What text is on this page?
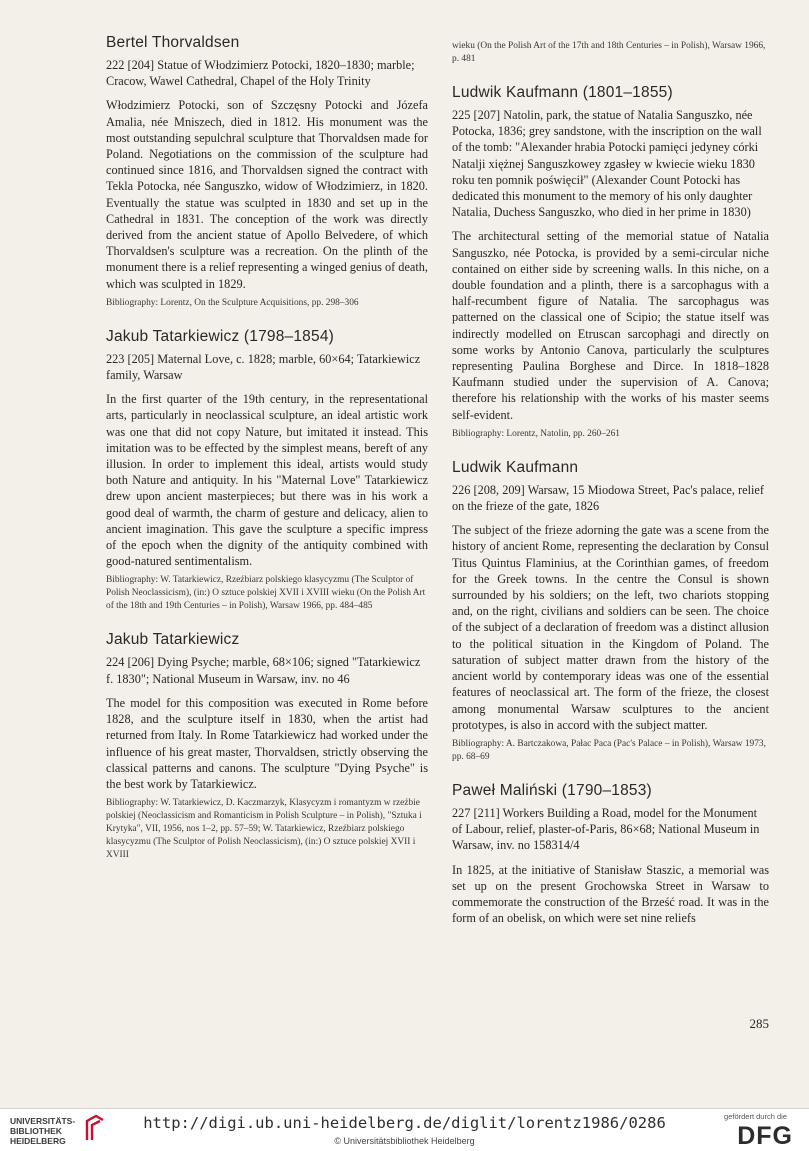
Bertel Thorvaldsen

222 [204] Statue of Włodzimierz Potocki, 1820–1830; marble; Cracow, Wawel Cathedral, Chapel of the Holy Trinity

Włodzimierz Potocki, son of Szczęsny Potocki and Józefa Amalia, née Mniszech, died in 1812. His monument was the most outstanding sepulchral sculpture that Thorvaldsen made for Poland. Negotiations on the commission of the sculpture had continued since 1816, and Thorvaldsen signed the contract with Tekla Potocka, née Sanguszko, widow of Włodzimierz, in 1820. Eventually the statue was sculpted in 1830 and set up in the Cathedral in 1831. The conception of the work was directly derived from the ancient statue of Apollo Belvedere, of which Thorvaldsen's sculpture was a recreation. On the plinth of the monument there is a relief representing a winged genius of death, which was sculpted in 1829.

Bibliography: Lorentz, On the Sculpture Acquisitions, pp. 298–306

Jakub Tatarkiewicz (1798–1854)

223 [205] Maternal Love, c. 1828; marble, 60×64; Tatarkiewicz family, Warsaw

In the first quarter of the 19th century, in the representational arts, particularly in neoclassical sculpture, an ideal artistic work was one that did not copy Nature, but imitated it instead. This imitation was to be effected by the simplest means, bereft of any illusion. In order to implement this ideal, artists would study both Nature and antiquity. In his "Maternal Love" Tatarkiewicz drew upon ancient masterpieces; but there was in his work a good deal of warmth, the charm of gesture and delicacy, alien to ancient imagination. This gave the sculpture a specific impress of the epoch when the dignity of the antiquity combined with good-natured sentimentalism.

Bibliography: W. Tatarkiewicz, Rzeźbiarz polskiego klasycyzmu (The Sculptor of Polish Neoclassicism), (in:) O sztuce polskiej XVII i XVIII wieku (On the Polish Art of the 18th and 19th Centuries – in Polish), Warsaw 1966, pp. 484–485

Jakub Tatarkiewicz

224 [206] Dying Psyche; marble, 68×106; signed "Tatarkiewicz f. 1830"; National Museum in Warsaw, inv. no 46

The model for this composition was executed in Rome before 1828, and the sculpture itself in 1830, when the artist had returned from Italy. In Rome Tatarkiewicz had worked under the influence of his great master, Thorvaldsen, strictly observing the classical patterns and canons. The sculpture "Dying Psyche" is the best work by Tatarkiewicz.

Bibliography: W. Tatarkiewicz, D. Kaczmarzyk, Klasycyzm i romantyzm w rzeźbie polskiej (Neoclassicism and Romanticism in Polish Sculpture – in Polish), "Sztuka i Krytyka", VII, 1956, nos 1–2, pp. 57–59; W. Tatarkiewicz, Rzeźbiarz polskiego klasycyzmu (The Sculptor of Polish Neoclassicism), (in:) O sztuce polskiej XVII i XVIII

wieku (On the Polish Art of the 17th and 18th Centuries – in Polish), Warsaw 1966, p. 481

Ludwik Kaufmann (1801–1855)

225 [207] Natolin, park, the statue of Natalia Sanguszko, née Potocka, 1836; grey sandstone, with the inscription on the wall of the tomb: "Alexander hrabia Potocki pamięci jedyney córki Natalji xiężnej Sanguszkowey zgasłey w kwiecie wieku 1830 roku ten pomnik poświęcił" (Alexander Count Potocki has dedicated this monument to the memory of his only daughter Natalia, Duchess Sanguszko, who died in her prime in 1830)

The architectural setting of the memorial statue of Natalia Sanguszko, née Potocka, is provided by a semi-circular niche contained on either side by screening walls. In this niche, on a double foundation and a plinth, there is a sarcophagus with a half-recumbent figure of Natalia. The sarcophagus was patterned on the classical one of Scipio; the statue itself was indirectly modelled on Etruscan sarcophagi and directly on some works by Antonio Canova, particularly the sculptures representing Paulina Borghese and Dirce. In 1818–1828 Kaufmann studied under the supervision of A. Canova; therefore his relationship with the works of his master seems self-evident.

Bibliography: Lorentz, Natolin, pp. 260–261

Ludwik Kaufmann

226 [208, 209] Warsaw, 15 Miodowa Street, Pac's palace, relief on the frieze of the gate, 1826

The subject of the frieze adorning the gate was a scene from the history of ancient Rome, representing the declaration by Consul Titus Quintus Flaminius, at the Corinthian games, of freedom for the Greek towns. In the centre the Consul is shown surrounded by his soldiers; on the left, two chariots stopping and, on the right, civilians and soldiers can be seen. The choice of the subject of a declaration of freedom was a distinct allusion to the political situation in the Kingdom of Poland. The saturation of subject matter drawn from the history of the ancient world by contemporary ideas was one of the essential features of neoclassical art. The form of the frieze, the closest among monumental Warsaw sculptures to the ancient prototypes, is also in accord with the subject matter.

Bibliography: A. Bartczakowa, Pałac Paca (Pac's Palace – in Polish), Warsaw 1973, pp. 68–69

Paweł Maliński (1790–1853)

227 [211] Workers Building a Road, model for the Monument of Labour, relief, plaster-of-Paris, 86×68; National Museum in Warsaw, inv. no 158314/4

In 1825, at the initiative of Stanisław Staszic, a memorial was set up on the present Grochowska Street in Warsaw to commemorate the construction of the Brześć road. It was in the form of an obelisk, on which were set nine reliefs

285
UNIVERSITÄTS-
BIBLIOTHEK
HEIDELBERG
http://digi.ub.uni-heidelberg.de/diglit/lorentz1986/0286
© Universitätsbibliothek Heidelberg
gefördert durch die
DFG
